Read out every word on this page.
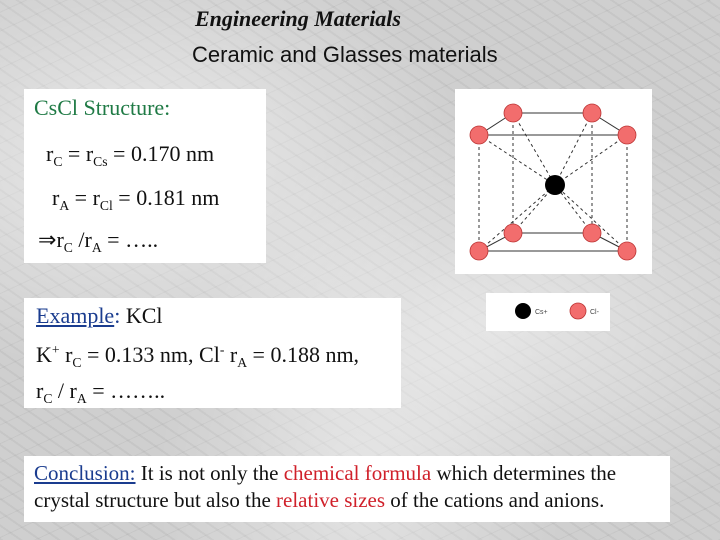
Engineering Materials
Ceramic and Glasses materials
CsCl Structure:
$r_C = r_{Cs} = 0.170$ nm
$r_A = r_{Cl} = 0.181$ nm
$\Rightarrow r_C$ $/r_A$ = …..
Cs+	Cl-
Example: KCl
K+ $r_C = 0.133$ nm, Cl- $r_A = 0.188$ nm,
$r_C / r_A$ = ……..
Conclusion: It is not only the chemical formula which determines the
crystal structure but also the relative sizes of the cations and anions.
